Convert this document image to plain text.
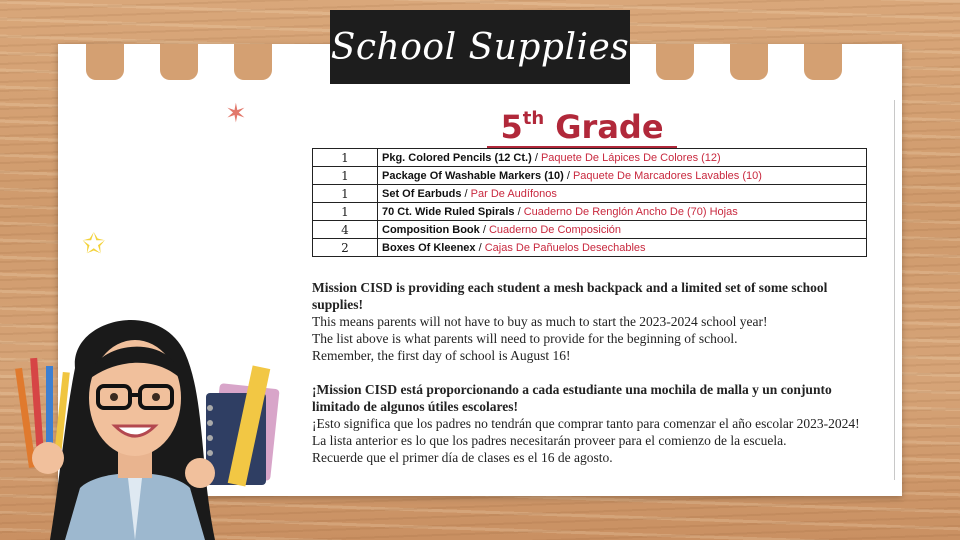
School Supplies
✶
✩
5th Grade
1	Pkg. Colored Pencils (12 Ct.) / Paquete De Lápices De Colores (12)
1	Package Of Washable Markers (10) / Paquete De Marcadores Lavables (10)
1	Set Of Earbuds / Par De Audífonos
1	70 Ct. Wide Ruled Spirals / Cuaderno De Renglón Ancho De (70) Hojas
4	Composition Book / Cuaderno De Composición
2	Boxes Of Kleenex / Cajas De Pañuelos Desechables
Mission CISD is providing each student a mesh backpack and a limited set of some school supplies!
This means parents will not have to buy as much to start the 2023-2024 school year!
The list above is what parents will need to provide for the beginning of school.
Remember, the first day of school is August 16!
¡Mission CISD está proporcionando a cada estudiante una mochila de malla y un conjunto limitado de algunos útiles escolares!
¡Esto significa que los padres no tendrán que comprar tanto para comenzar el año escolar 2023-2024!
La lista anterior es lo que los padres necesitarán proveer para el comienzo de la escuela.
Recuerde que el primer día de clases es el 16 de agosto.
